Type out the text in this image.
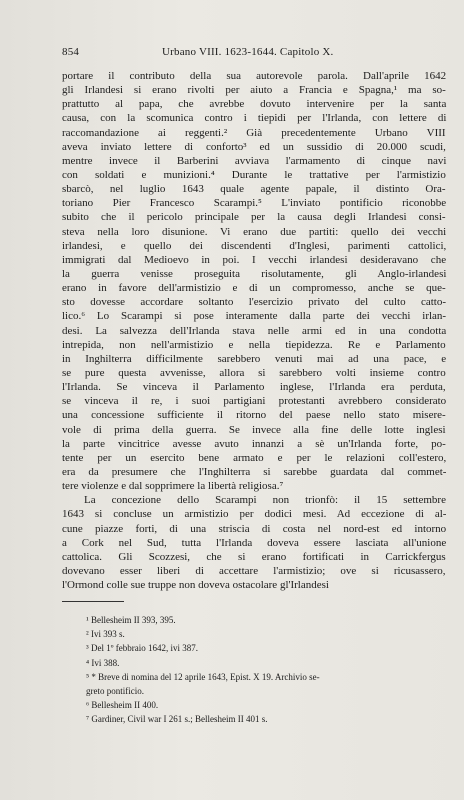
854	Urbano VIII. 1623-1644. Capitolo X.
portare il contributo della sua autorevole parola. Dall'aprile 1642
gli Irlandesi si erano rivolti per aiuto a Francia e Spagna,¹ ma so-
prattutto al papa, che avrebbe dovuto intervenire per la santa
causa, con la scomunica contro i tiepidi per l'Irlanda, con lettere di
raccomandazione ai reggenti.² Già precedentemente Urbano VIII
aveva inviato lettere di conforto³ ed un sussidio di 20.000 scudi,
mentre invece il Barberini avviava l'armamento di cinque navi
con soldati e munizioni.⁴ Durante le trattative per l'armistizio
sbarcò, nel luglio 1643 quale agente papale, il distinto Ora-
toriano Pier Francesco Scarampi.⁵ L'inviato pontificio riconobbe
subito che il pericolo principale per la causa degli Irlandesi consi-
steva nella loro disunione. Vi erano due partiti: quello dei vecchi
irlandesi, e quello dei discendenti d'Inglesi, parimenti cattolici,
immigrati dal Medioevo in poi. I vecchi irlandesi desideravano che
la guerra venisse proseguita risolutamente, gli Anglo-irlandesi
erano in favore dell'armistizio e di un compromesso, anche se que-
sto dovesse accordare soltanto l'esercizio privato del culto catto-
lico.⁶ Lo Scarampi si pose interamente dalla parte dei vecchi irlan-
desi. La salvezza dell'Irlanda stava nelle armi ed in una condotta
intrepida, non nell'armistizio e nella tiepidezza. Re e Parlamento
in Inghilterra difficilmente sarebbero venuti mai ad una pace, e
se pure questa avvenisse, allora si sarebbero volti insieme contro
l'Irlanda. Se vinceva il Parlamento inglese, l'Irlanda era perduta,
se vinceva il re, i suoi partigiani protestanti avrebbero considerato
una concessione sufficiente il ritorno del paese nello stato misere-
vole di prima della guerra. Se invece alla fine delle lotte inglesi
la parte vincitrice avesse avuto innanzi a sè un'Irlanda forte, po-
tente per un esercito bene armato e per le relazioni coll'estero,
era da presumere che l'Inghilterra si sarebbe guardata dal commet-
tere violenze e dal sopprimere la libertà religiosa.⁷
La concezione dello Scarampi non trionfò: il 15 settembre
1643 si concluse un armistizio per dodici mesi. Ad eccezione di al-
cune piazze forti, di una striscia di costa nel nord-est ed intorno
a Cork nel Sud, tutta l'Irlanda doveva essere lasciata all'unione
cattolica. Gli Scozzesi, che si erano fortificati in Carrickfergus
dovevano esser liberi di accettare l'armistizio; ove si ricusassero,
l'Ormond colle sue truppe non doveva ostacolare gl'Irlandesi
¹ Bellesheim II 393, 395.
² Ivi 393 s.
³ Del 1º febbraio 1642, ivi 387.
⁴ Ivi 388.
⁵ * Breve di nomina del 12 aprile 1643, Epist. X 19. Archivio se-
greto pontificio.
⁶ Bellesheim II 400.
⁷ Gardiner, Civil war I 261 s.; Bellesheim II 401 s.
